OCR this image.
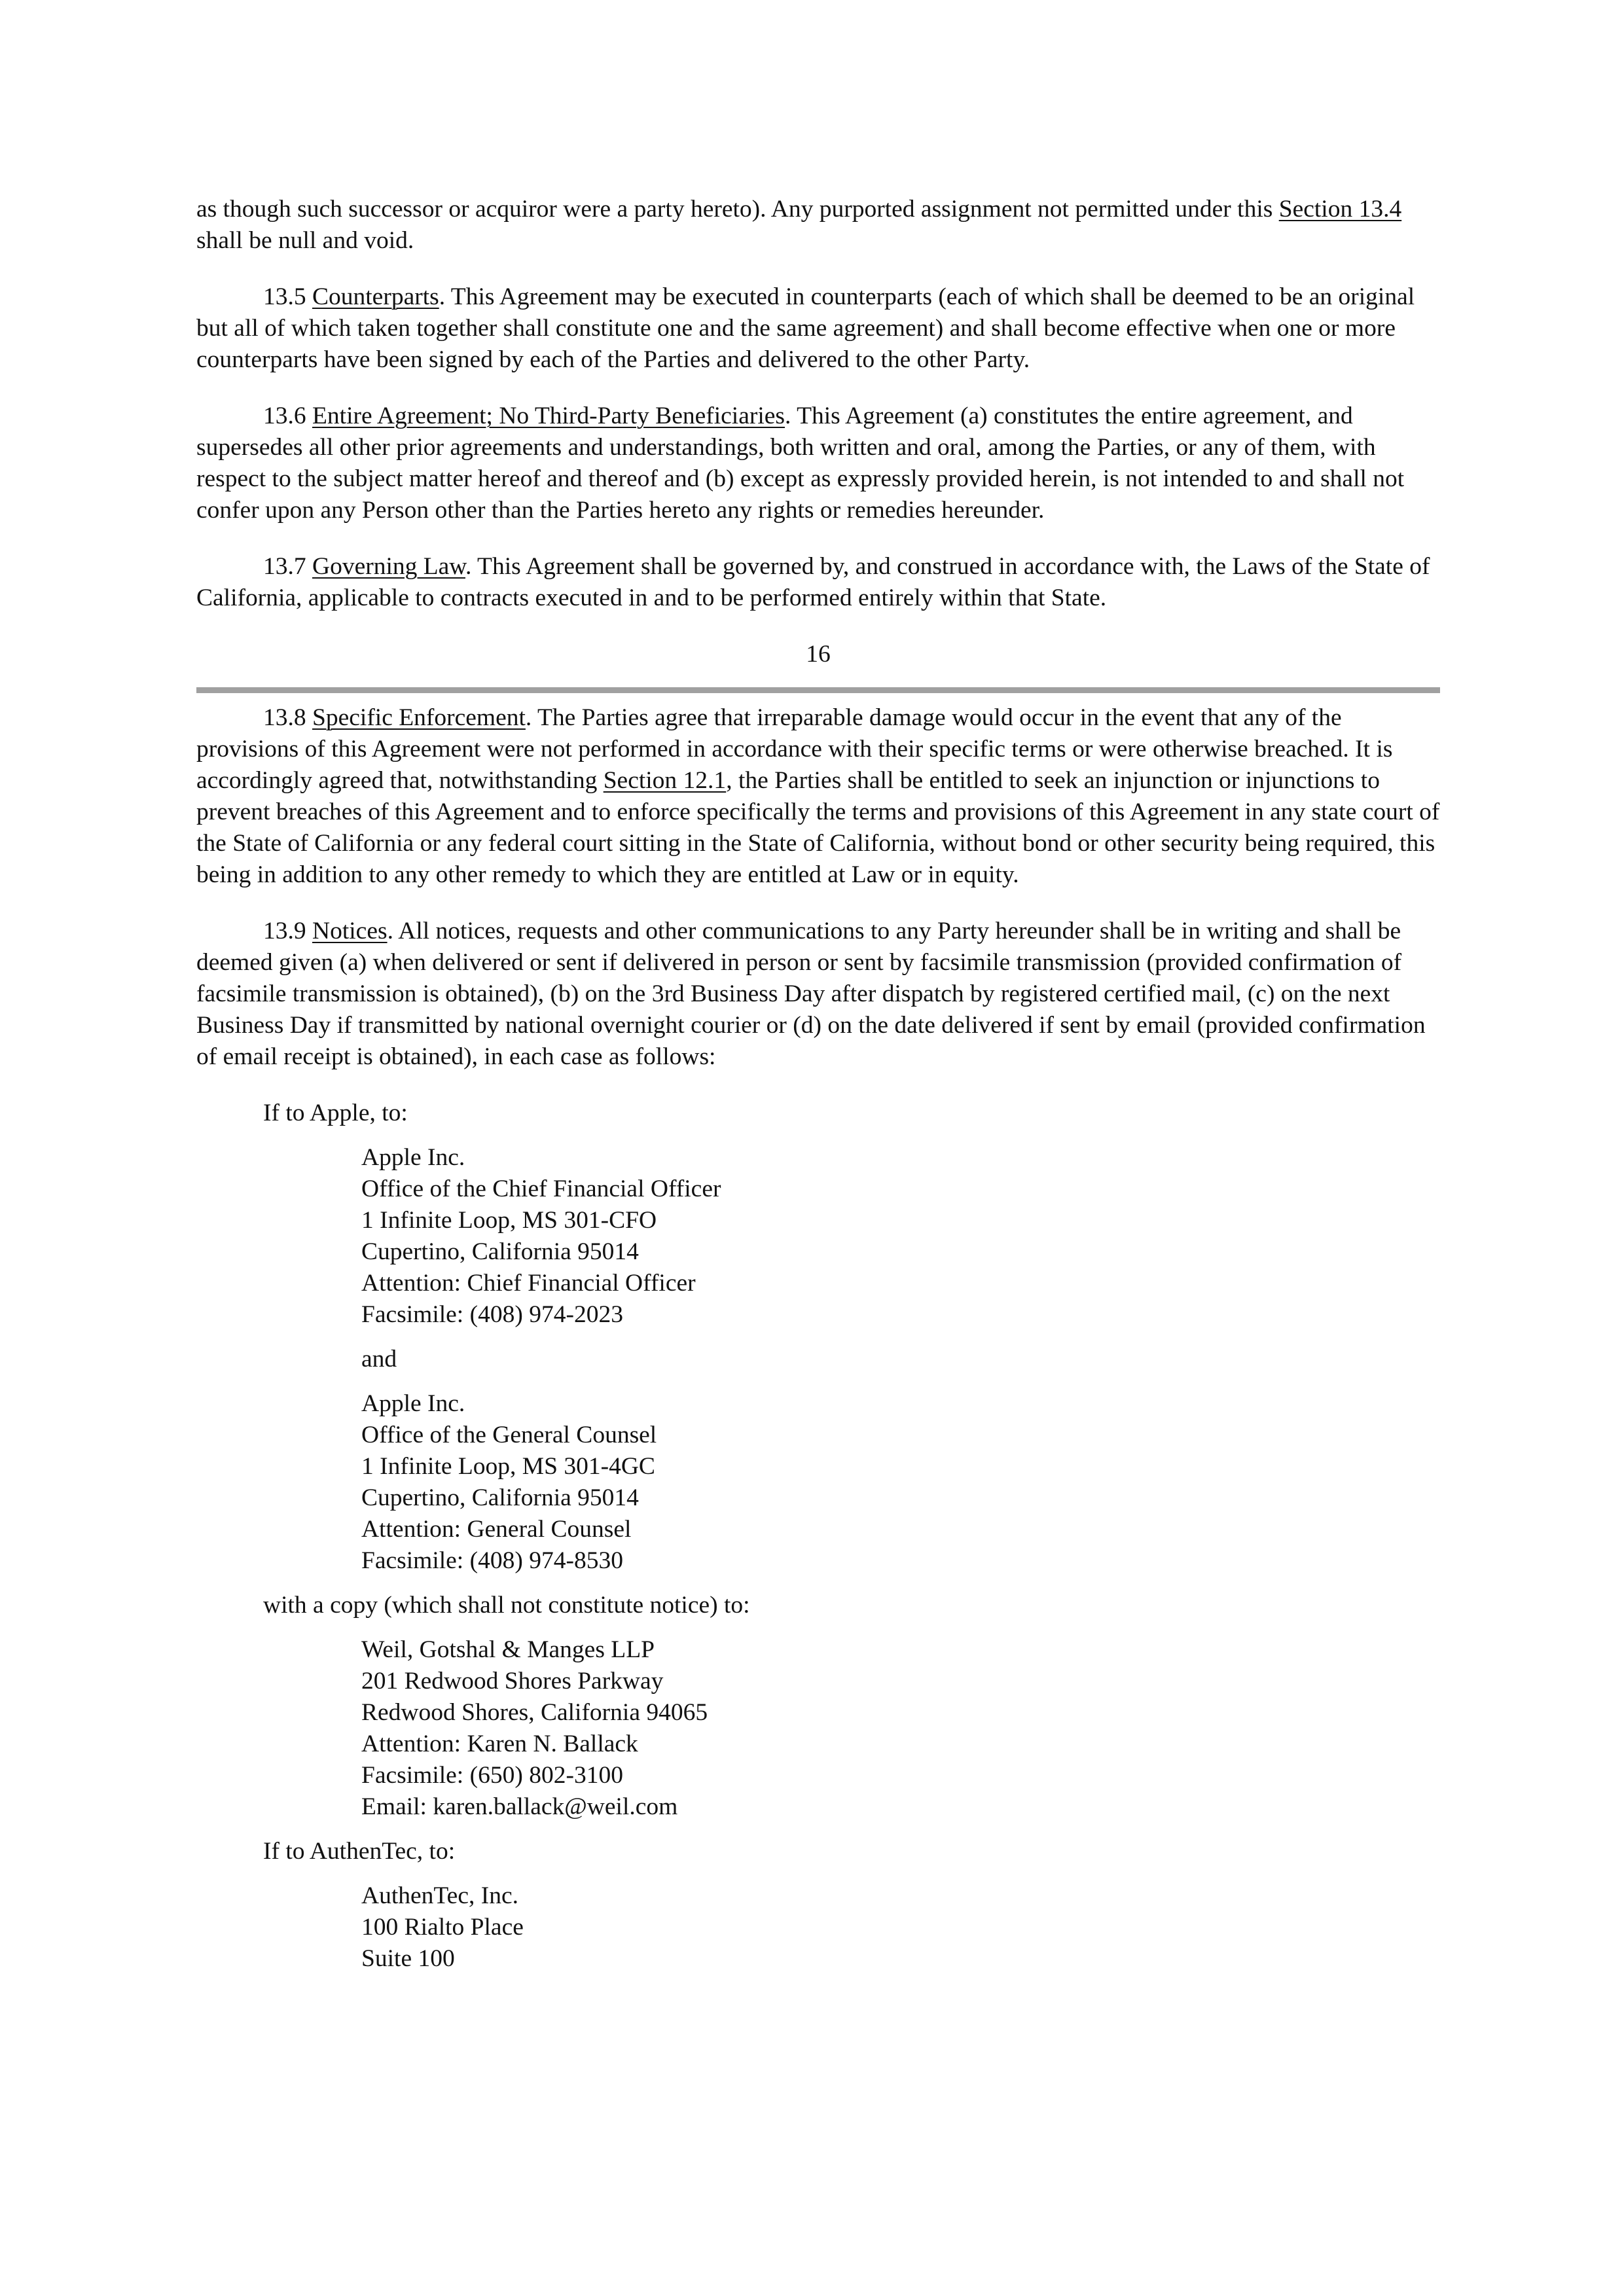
as though such successor or acquiror were a party hereto). Any purported assignment not permitted under this Section 13.4 shall be null and void.

13.5 Counterparts. This Agreement may be executed in counterparts (each of which shall be deemed to be an original but all of which taken together shall constitute one and the same agreement) and shall become effective when one or more counterparts have been signed by each of the Parties and delivered to the other Party.

13.6 Entire Agreement; No Third-Party Beneficiaries. This Agreement (a) constitutes the entire agreement, and supersedes all other prior agreements and understandings, both written and oral, among the Parties, or any of them, with respect to the subject matter hereof and thereof and (b) except as expressly provided herein, is not intended to and shall not confer upon any Person other than the Parties hereto any rights or remedies hereunder.

13.7 Governing Law. This Agreement shall be governed by, and construed in accordance with, the Laws of the State of California, applicable to contracts executed in and to be performed entirely within that State.

16

13.8 Specific Enforcement. The Parties agree that irreparable damage would occur in the event that any of the provisions of this Agreement were not performed in accordance with their specific terms or were otherwise breached. It is accordingly agreed that, notwithstanding Section 12.1, the Parties shall be entitled to seek an injunction or injunctions to prevent breaches of this Agreement and to enforce specifically the terms and provisions of this Agreement in any state court of the State of California or any federal court sitting in the State of California, without bond or other security being required, this being in addition to any other remedy to which they are entitled at Law or in equity.

13.9 Notices. All notices, requests and other communications to any Party hereunder shall be in writing and shall be deemed given (a) when delivered or sent if delivered in person or sent by facsimile transmission (provided confirmation of facsimile transmission is obtained), (b) on the 3rd Business Day after dispatch by registered certified mail, (c) on the next Business Day if transmitted by national overnight courier or (d) on the date delivered if sent by email (provided confirmation of email receipt is obtained), in each case as follows:

If to Apple, to:
Apple Inc.
Office of the Chief Financial Officer
1 Infinite Loop, MS 301-CFO
Cupertino, California 95014
Attention: Chief Financial Officer
Facsimile: (408) 974-2023
and
Apple Inc.
Office of the General Counsel
1 Infinite Loop, MS 301-4GC
Cupertino, California 95014
Attention: General Counsel
Facsimile: (408) 974-8530
with a copy (which shall not constitute notice) to:
Weil, Gotshal & Manges LLP
201 Redwood Shores Parkway
Redwood Shores, California 94065
Attention: Karen N. Ballack
Facsimile: (650) 802-3100
Email: karen.ballack@weil.com
If to AuthenTec, to:
AuthenTec, Inc.
100 Rialto Place
Suite 100
